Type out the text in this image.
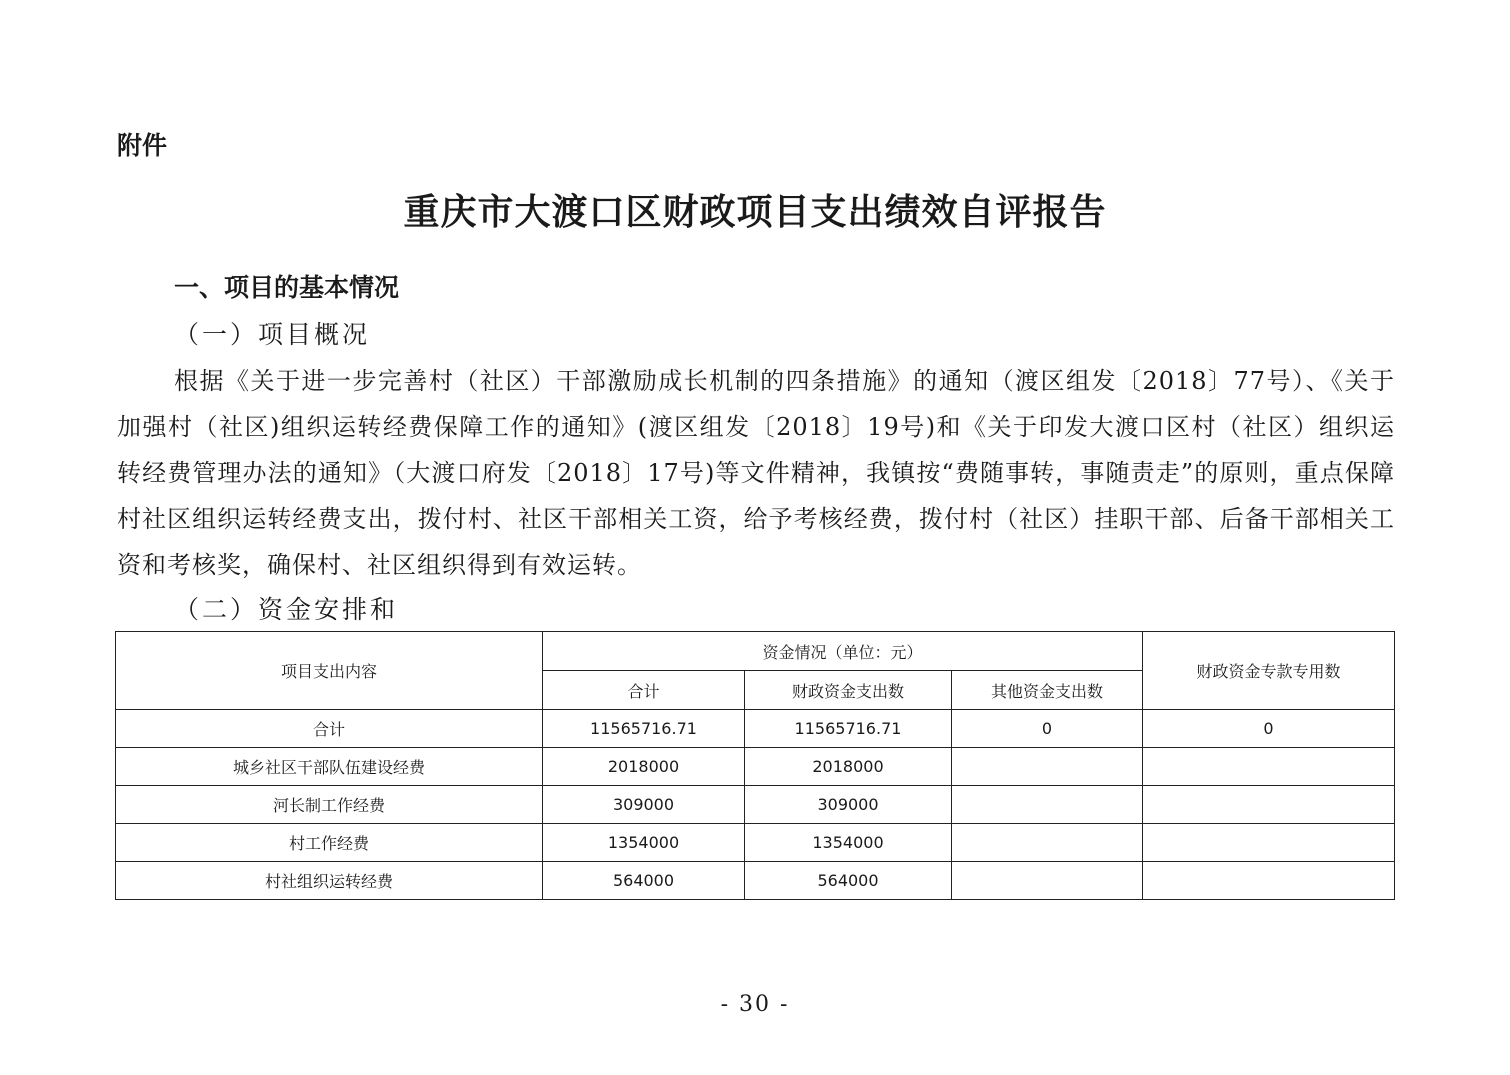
附件
重庆市大渡口区财政项目支出绩效自评报告
一、项目的基本情况
（一）项目概况
根据《关于进一步完善村（社区）干部激励成长机制的四条措施》的通知（渡区组发〔2018〕77号）、《关于加强村（社区)组织运转经费保障工作的通知》(渡区组发〔2018〕19号)和《关于印发大渡口区村（社区）组织运转经费管理办法的通知》（大渡口府发〔2018〕17号)等文件精神，我镇按“费随事转，事随责走”的原则，重点保障村社区组织运转经费支出，拨付村、社区干部相关工资，给予考核经费，拨付村（社区）挂职干部、后备干部相关工资和考核奖，确保村、社区组织得到有效运转。
（二）资金安排和
项目支出内容	资金情况（单位：元）			财政资金专款专用数
	合计	财政资金支出数	其他资金支出数	
合计	11565716.71	11565716.71	0	0
城乡社区干部队伍建设经费	2018000	2018000		
河长制工作经费	309000	309000		
村工作经费	1354000	1354000		
村社组织运转经费	564000	564000		
- 30 -
